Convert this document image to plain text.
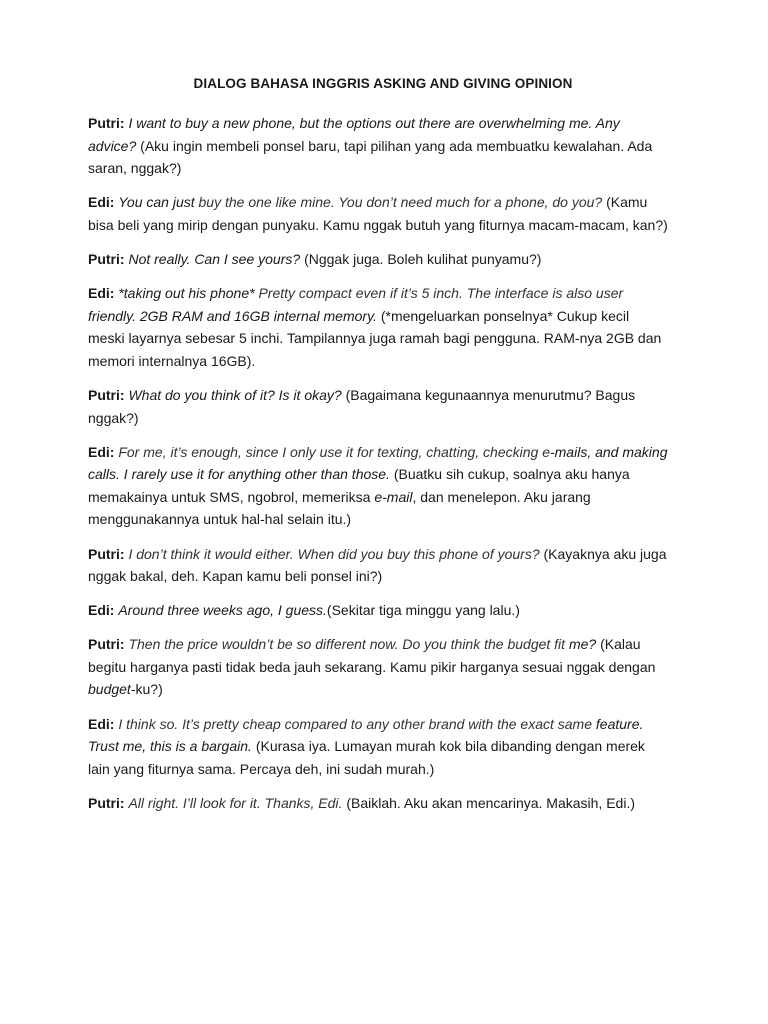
DIALOG BAHASA INGGRIS ASKING AND GIVING OPINION

Putri: I want to buy a new phone, but the options out there are overwhelming me. Any advice? (Aku ingin membeli ponsel baru, tapi pilihan yang ada membuatku kewalahan. Ada saran, nggak?)

Edi: You can just buy the one like mine. You don’t need much for a phone, do you? (Kamu bisa beli yang mirip dengan punyaku. Kamu nggak butuh yang fiturnya macam-macam, kan?)

Putri: Not really. Can I see yours? (Nggak juga. Boleh kulihat punyamu?)

Edi: *taking out his phone* Pretty compact even if it’s 5 inch. The interface is also user friendly. 2GB RAM and 16GB internal memory. (*mengeluarkan ponselnya* Cukup kecil meski layarnya sebesar 5 inchi. Tampilannya juga ramah bagi pengguna. RAM-nya 2GB dan memori internalnya 16GB).

Putri: What do you think of it? Is it okay? (Bagaimana kegunaannya menurutmu? Bagus nggak?)

Edi: For me, it’s enough, since I only use it for texting, chatting, checking e-mails, and making calls. I rarely use it for anything other than those. (Buatku sih cukup, soalnya aku hanya memakainya untuk SMS, ngobrol, memeriksa e-mail, dan menelepon. Aku jarang menggunakannya untuk hal-hal selain itu.)

Putri: I don’t think it would either. When did you buy this phone of yours? (Kayaknya aku juga nggak bakal, deh. Kapan kamu beli ponsel ini?)

Edi: Around three weeks ago, I guess.(Sekitar tiga minggu yang lalu.)

Putri: Then the price wouldn’t be so different now. Do you think the budget fit me? (Kalau begitu harganya pasti tidak beda jauh sekarang. Kamu pikir harganya sesuai nggak dengan budget-ku?)

Edi: I think so. It’s pretty cheap compared to any other brand with the exact same feature. Trust me, this is a bargain. (Kurasa iya. Lumayan murah kok bila dibanding dengan merek lain yang fiturnya sama. Percaya deh, ini sudah murah.)

Putri: All right. I’ll look for it. Thanks, Edi. (Baiklah. Aku akan mencarinya. Makasih, Edi.)
